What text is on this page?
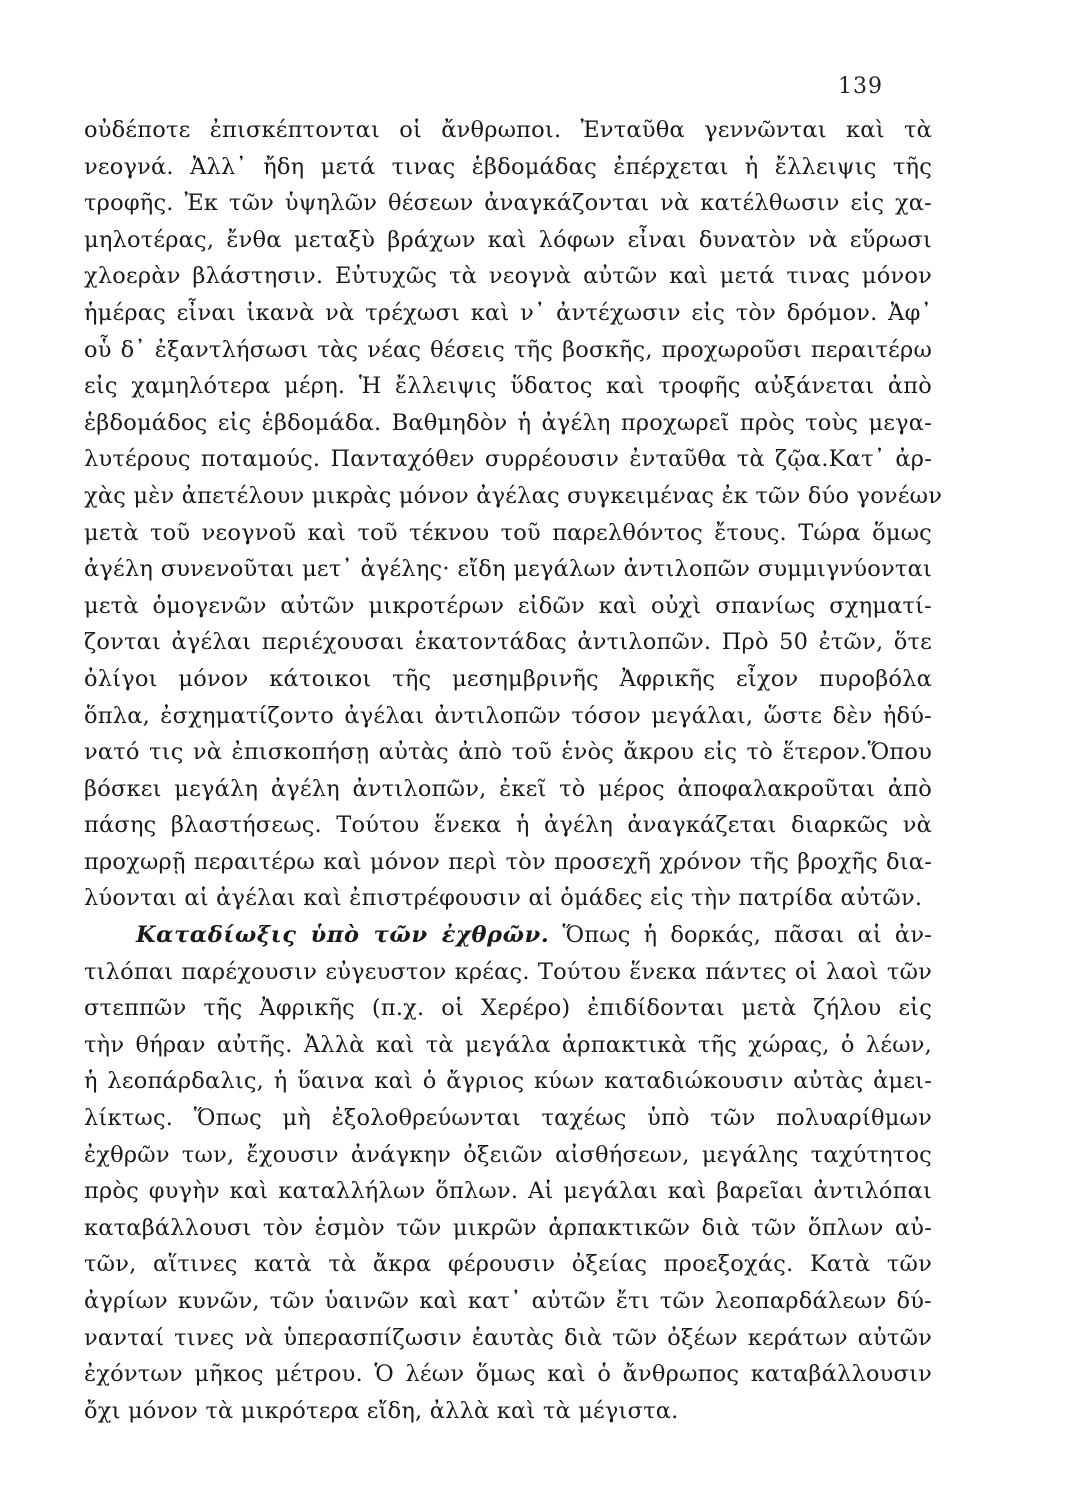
139
οὐδέποτε ἐπισκέπτονται οἱ ἄνθρωποι. Ἐνταῦθα γεννῶνται καὶ τὰ
νεογνά. Ἀλλ᾽ ἤδη μετά τινας ἑβδομάδας ἐπέρχεται ἡ ἔλλειψις τῆς
τροφῆς. Ἐκ τῶν ὑψηλῶν θέσεων ἀναγκάζονται νὰ κατέλθωσιν εἰς χα-
μηλοτέρας, ἔνθα μεταξὺ βράχων καὶ λόφων εἶναι δυνατὸν νὰ εὕρωσι
χλοερὰν βλάστησιν. Εὐτυχῶς τὰ νεογνὰ αὐτῶν καὶ μετά τινας μόνον
ἡμέρας εἶναι ἱκανὰ νὰ τρέχωσι καὶ ν᾽ ἀντέχωσιν εἰς τὸν δρόμον. Ἀφ᾽
οὗ δ᾽ ἐξαντλήσωσι τὰς νέας θέσεις τῆς βοσκῆς, προχωροῦσι περαιτέρω
εἰς χαμηλότερα μέρη. Ἡ ἔλλειψις ὕδατος καὶ τροφῆς αὐξάνεται ἀπὸ
ἑβδομάδος εἰς ἑβδομάδα. Βαθμηδὸν ἡ ἀγέλη προχωρεῖ πρὸς τοὺς μεγα-
λυτέρους ποταμούς. Πανταχόθεν συρρέουσιν ἐνταῦθα τὰ ζῷα.Κατ᾽ ἀρ-
χὰς μὲν ἀπετέλουν μικρὰς μόνον ἀγέλας συγκειμένας ἐκ τῶν δύο γονέων
μετὰ τοῦ νεογνοῦ καὶ τοῦ τέκνου τοῦ παρελθόντος ἔτους. Τώρα ὅμως
ἀγέλη συνενοῦται μετ᾽ ἀγέλης· εἴδη μεγάλων ἀντιλοπῶν συμμιγνύονται
μετὰ ὁμογενῶν αὐτῶν μικροτέρων εἰδῶν καὶ οὐχὶ σπανίως σχηματί-
ζονται ἀγέλαι περιέχουσαι ἑκατοντάδας ἀντιλοπῶν. Πρὸ 50 ἐτῶν, ὅτε
ὀλίγοι μόνον κάτοικοι τῆς μεσημβρινῆς Ἀφρικῆς εἶχον πυροβόλα
ὅπλα, ἐσχηματίζοντο ἀγέλαι ἀντιλοπῶν τόσον μεγάλαι, ὥστε δὲν ἠδύ-
νατό τις νὰ ἐπισκοπήσῃ αὐτὰς ἀπὸ τοῦ ἑνὸς ἄκρου εἰς τὸ ἕτερον.Ὅπου
βόσκει μεγάλη ἀγέλη ἀντιλοπῶν, ἐκεῖ τὸ μέρος ἀποφαλακροῦται ἀπὸ
πάσης βλαστήσεως. Τούτου ἕνεκα ἡ ἀγέλη ἀναγκάζεται διαρκῶς νὰ
προχωρῇ περαιτέρω καὶ μόνον περὶ τὸν προσεχῆ χρόνον τῆς βροχῆς δια-
λύονται αἱ ἀγέλαι καὶ ἐπιστρέφουσιν αἱ ὁμάδες εἰς τὴν πατρίδα αὐτῶν.
Καταδίωξις ὑπὸ τῶν ἐχθρῶν. Ὅπως ἡ δορκάς, πᾶσαι αἱ ἀν-
τιλόπαι παρέχουσιν εὐγευστον κρέας. Τούτου ἕνεκα πάντες οἱ λαοὶ τῶν
στεππῶν τῆς Ἀφρικῆς (π.χ. οἱ Χερέρο) ἐπιδίδονται μετὰ ζήλου εἰς
τὴν θήραν αὐτῆς. Ἀλλὰ καὶ τὰ μεγάλα ἁρπακτικὰ τῆς χώρας, ὁ λέων,
ἡ λεοπάρδαλις, ἡ ὕαινα καὶ ὁ ἄγριος κύων καταδιώκουσιν αὐτὰς ἀμει-
λίκτως. Ὅπως μὴ ἐξολοθρεύωνται ταχέως ὑπὸ τῶν πολυαρίθμων
ἐχθρῶν των, ἔχουσιν ἀνάγκην ὀξειῶν αἰσθήσεων, μεγάλης ταχύτητος
πρὸς φυγὴν καὶ καταλλήλων ὅπλων. Αἱ μεγάλαι καὶ βαρεῖαι ἀντιλόπαι
καταβάλλουσι τὸν ἑσμὸν τῶν μικρῶν ἁρπακτικῶν διὰ τῶν ὅπλων αὐ-
τῶν, αἵτινες κατὰ τὰ ἄκρα φέρουσιν ὀξείας προεξοχάς. Κατὰ τῶν
ἀγρίων κυνῶν, τῶν ὑαινῶν καὶ κατ᾽ αὐτῶν ἔτι τῶν λεοπαρδάλεων δύ-
νανταί τινες νὰ ὑπερασπίζωσιν ἑαυτὰς διὰ τῶν ὀξέων κεράτων αὐτῶν
ἐχόντων μῆκος μέτρου. Ὁ λέων ὅμως καὶ ὁ ἄνθρωπος καταβάλλουσιν
ὄχι μόνον τὰ μικρότερα εἴδη, ἀλλὰ καὶ τὰ μέγιστα.
